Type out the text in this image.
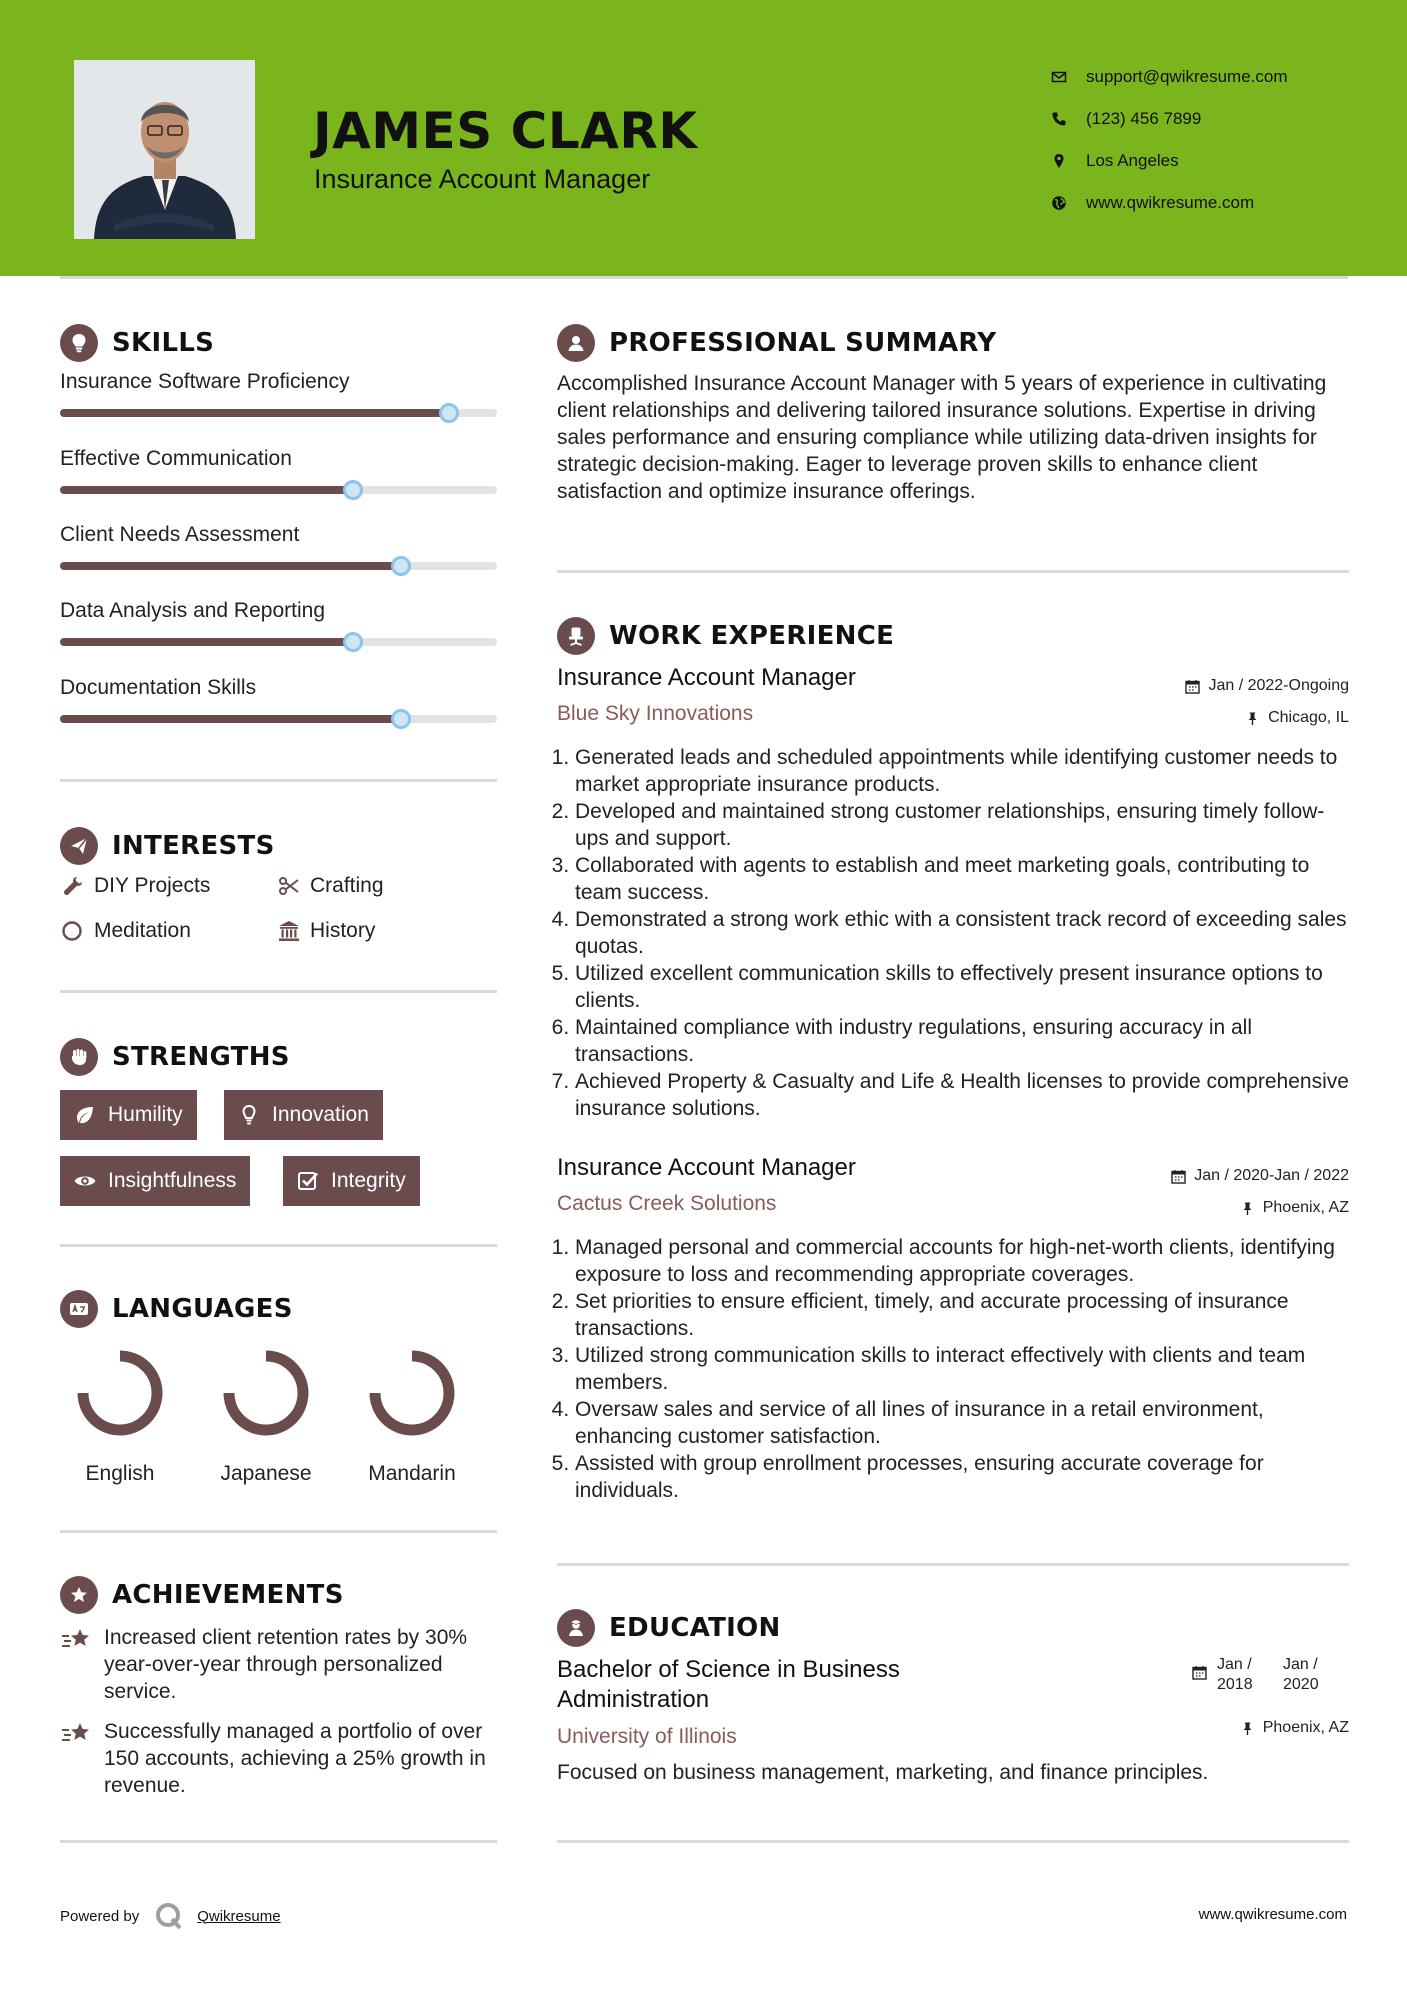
JAMES CLARK
Insurance Account Manager
support@qwikresume.com
(123) 456 7899
Los Angeles
www.qwikresume.com
SKILLS
Insurance Software Proficiency
Effective Communication
Client Needs Assessment
Data Analysis and Reporting
Documentation Skills
INTERESTS
DIY Projects	Crafting
Meditation	History
STRENGTHS
Humility	Innovation
Insightfulness	Integrity
LANGUAGES
English	Japanese	Mandarin
ACHIEVEMENTS
Increased client retention rates by 30% year-over-year through personalized service.
Successfully managed a portfolio of over 150 accounts, achieving a 25% growth in revenue.
PROFESSIONAL SUMMARY
Accomplished Insurance Account Manager with 5 years of experience in cultivating client relationships and delivering tailored insurance solutions. Expertise in driving sales performance and ensuring compliance while utilizing data-driven insights for strategic decision-making. Eager to leverage proven skills to enhance client satisfaction and optimize insurance offerings.
WORK EXPERIENCE
Insurance Account Manager
Blue Sky Innovations
Jan / 2022-Ongoing
Chicago, IL
1. Generated leads and scheduled appointments while identifying customer needs to market appropriate insurance products.
2. Developed and maintained strong customer relationships, ensuring timely follow-ups and support.
3. Collaborated with agents to establish and meet marketing goals, contributing to team success.
4. Demonstrated a strong work ethic with a consistent track record of exceeding sales quotas.
5. Utilized excellent communication skills to effectively present insurance options to clients.
6. Maintained compliance with industry regulations, ensuring accuracy in all transactions.
7. Achieved Property & Casualty and Life & Health licenses to provide comprehensive insurance solutions.
Insurance Account Manager
Cactus Creek Solutions
Jan / 2020-Jan / 2022
Phoenix, AZ
1. Managed personal and commercial accounts for high-net-worth clients, identifying exposure to loss and recommending appropriate coverages.
2. Set priorities to ensure efficient, timely, and accurate processing of insurance transactions.
3. Utilized strong communication skills to interact effectively with clients and team members.
4. Oversaw sales and service of all lines of insurance in a retail environment, enhancing customer satisfaction.
5. Assisted with group enrollment processes, ensuring accurate coverage for individuals.
EDUCATION
Bachelor of Science in Business Administration
University of Illinois
Focused on business management, marketing, and finance principles.
Jan /
2018
Jan /
2020
Phoenix, AZ
Powered by	Qwikresume	www.qwikresume.com
